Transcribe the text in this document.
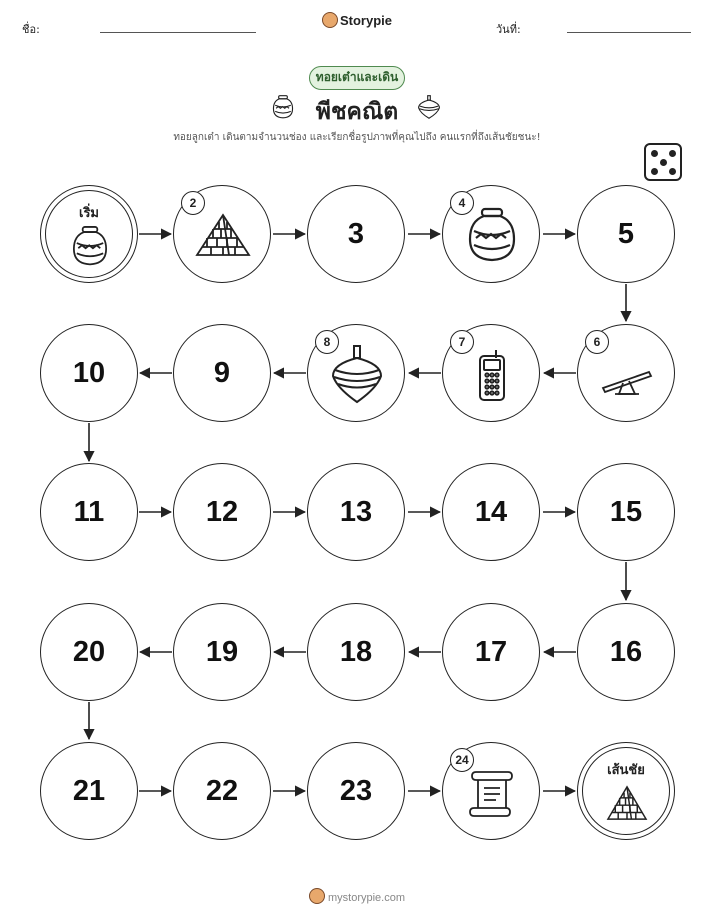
ชื่อ:
Storypie
วันที่:
ทอยเต๋าและเดิน
พีชคณิต
ทอยลูกเต๋า เดินตามจำนวนช่อง และเรียกชื่อรูปภาพที่คุณไปถึง คนแรกที่ถึงเส้นชัยชนะ!
เริ่ม
2
3
4
5
6
7
8
9
10
11	12	13	14	15
16
17
18
19
20
21	22	23
24
เส้นชัย
mystorypie.com
